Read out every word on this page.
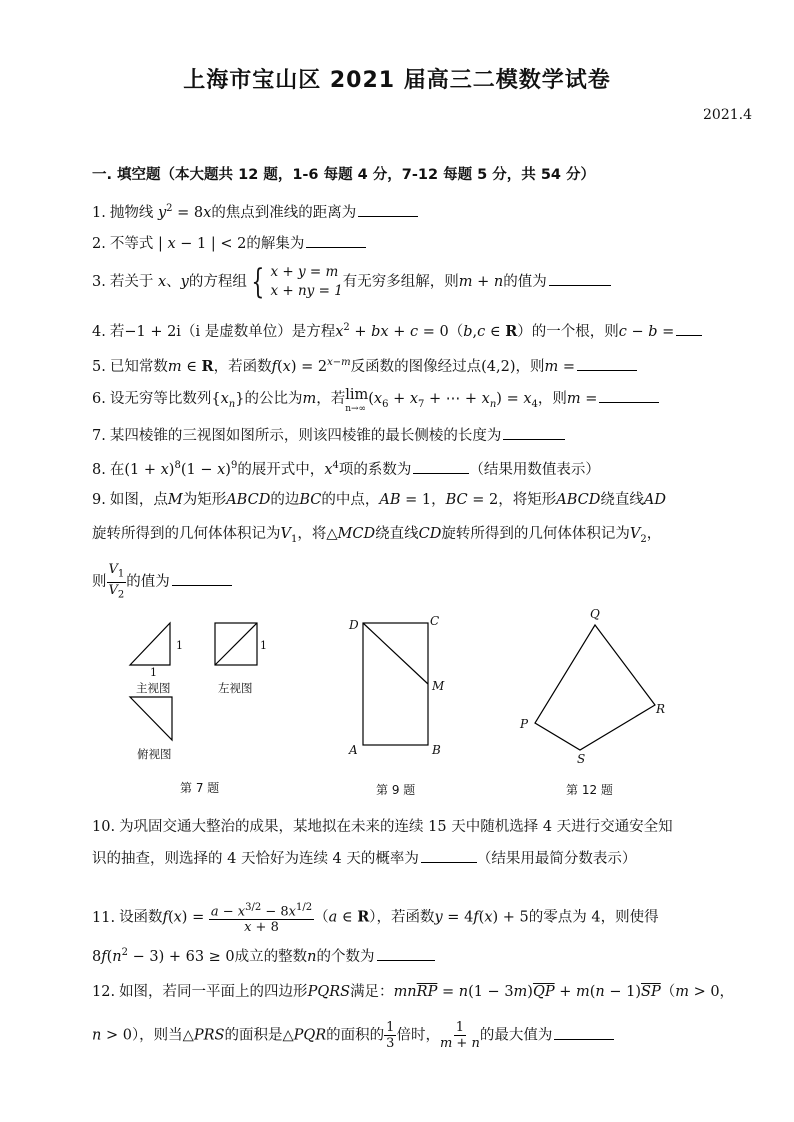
上海市宝山区 2021 届高三二模数学试卷
2021.4
一. 填空题（本大题共 12 题，1-6 每题 4 分，7-12 每题 5 分，共 54 分）
1. 抛物线 $y^2 = 8x$的焦点到准线的距离为
2. 不等式 | x − 1 | < 2的解集为
3. 若关于 x、y的方程组 { x + y = m
x + ny = 1
有无穷多组解，则m + n的值为
4. 若−1 + 2i（i 是虚数单位）是方程$x^2$ + bx + c = 0（b,c ∈ R）的一个根，则c − b =
5. 已知常数m ∈ R，若函数$f(x) = 2^{x-m}$反函数的图像经过点(4,2)，则m =
6. 设无穷等比数列$\{x_n\}$的公比为m，若 lim
n→∞
($x_6 + x_7$ + ⋯ + $x_n) = x_4$，则m =
7. 某四棱锥的三视图如图所示，则该四棱锥的最长侧棱的长度为
8. 在$(1 + x)^8(1 - x)^9$的展开式中，$x^4$项的系数为	（结果用数值表示）
9. 如图，点M为矩形ABCD的边BC的中点，AB = 1，BC = 2，将矩形ABCD绕直线AD
旋转所得到的几何体体积记为$V_1$，将△MCD绕直线CD旋转所得到的几何体体积记为$V_2$，
则 $\frac{V_1}{V_2}$ 的值为
1	1
1
主视图	左视图
俯视图
第 7 题
D	C
M
A	B
第 9 题
Q
P
R
S
第 12 题
10. 为巩固交通大整治的成果，某地拟在未来的连续 15 天中随机选择 4 天进行交通安全知
识的抽查，则选择的 4 天恰好为连续 4 天的概率为	（结果用最简分数表示）
11. 设函数$f(x) = \frac{a - x^{3/2} - 8x^{1/2}}{x + 8} (a$ ∈ R），若函数y = 4f(x) + 5的零点为 4，则使得
$8f(n^2 - 3) + 63 \ge 0$成立的整数n的个数为
12. 如图，若同一平面上的四边形PQRS满足：$mn\overline{RP} = n(1 - 3m)\overline{QP} + m(n - 1)\overline{SP}(m > 0$，
n > 0），则当△PRS的面积是△PQR的面积的 $\frac{1}{3}$ 倍时， $\frac{1}{m + n}$ 的最大值为
